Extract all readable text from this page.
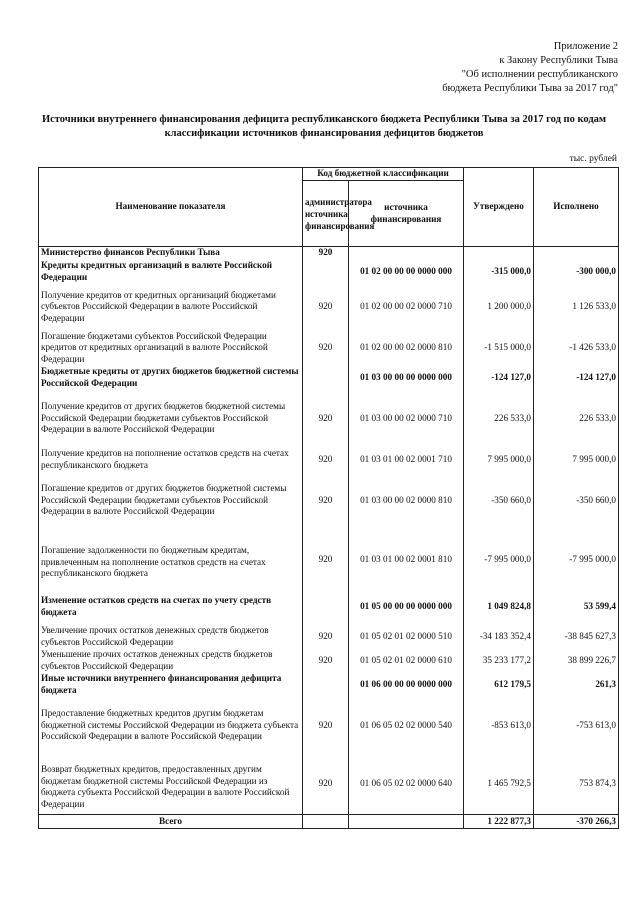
Приложение 2
к Закону Республики Тыва
"Об исполнении республиканского
бюджета Республики Тыва за 2017 год"
Источники внутреннего финансирования дефицита республиканского бюджета Республики Тыва за 2017 год по кодам классификации источников финансирования дефицитов бюджетов
тыс. рублей
Наименование показателя	Код бюджетной классификации		Утверждено	Исполнено
	администратора источника финансирования	источника финансирования		
Министерство финансов Республики Тыва	920			
Кредиты кредитных организаций в валюте Российской Федерации		01 02 00 00 00 0000 000	-315 000,0	-300 000,0
Получение кредитов от кредитных организаций бюджетами субъектов Российской Федерации в валюте Российской Федерации	920	01 02 00 00 02 0000 710	1 200 000,0	1 126 533,0
Погашение бюджетами субъектов Российской Федерации кредитов от кредитных организаций в валюте Российской Федерации	920	01 02 00 00 02 0000 810	-1 515 000,0	-1 426 533,0
Бюджетные кредиты от других бюджетов бюджетной системы Российской Федерации		01 03 00 00 00 0000 000	-124 127,0	-124 127,0
Получение кредитов от других бюджетов бюджетной системы Российской Федерации бюджетами субъектов Российской Федерации в валюте Российской Федерации	920	01 03 00 00 02 0000 710	226 533,0	226 533,0
Получение кредитов на пополнение остатков средств на счетах республиканского бюджета	920	01 03 01 00 02 0001 710	7 995 000,0	7 995 000,0
Погашение кредитов от других бюджетов бюджетной системы Российской Федерации бюджетами субъектов Российской Федерации в валюте Российской Федерации	920	01 03 00 00 02 0000 810	-350 660,0	-350 660,0
Погашение задолженности по бюджетным кредитам, привлеченным на пополнение остатков средств на счетах республиканского бюджета	920	01 03 01 00 02 0001 810	-7 995 000,0	-7 995 000,0
Изменение остатков средств на счетах по учету средств бюджета		01 05 00 00 00 0000 000	1 049 824,8	53 599,4
Увеличение прочих остатков денежных средств бюджетов субъектов Российской Федерации	920	01 05 02 01 02 0000 510	-34 183 352,4	-38 845 627,3
Уменьшение прочих остатков денежных средств бюджетов субъектов Российской Федерации	920	01 05 02 01 02 0000 610	35 233 177,2	38 899 226,7
Иные источники внутреннего финансирования дефицита бюджета		01 06 00 00 00 0000 000	612 179,5	261,3
Предоставление бюджетных кредитов другим бюджетам бюджетной системы Российской Федерации из бюджета субъекта Российской Федерации в валюте Российской Федерации	920	01 06 05 02 02 0000 540	-853 613,0	-753 613,0
Возврат бюджетных кредитов, предоставленных другим бюджетам бюджетной системы Российской Федерации из бюджета субъекта Российской Федерации в валюте Российской Федерации	920	01 06 05 02 02 0000 640	1 465 792,5	753 874,3
Всего			1 222 877,3	-370 266,3
